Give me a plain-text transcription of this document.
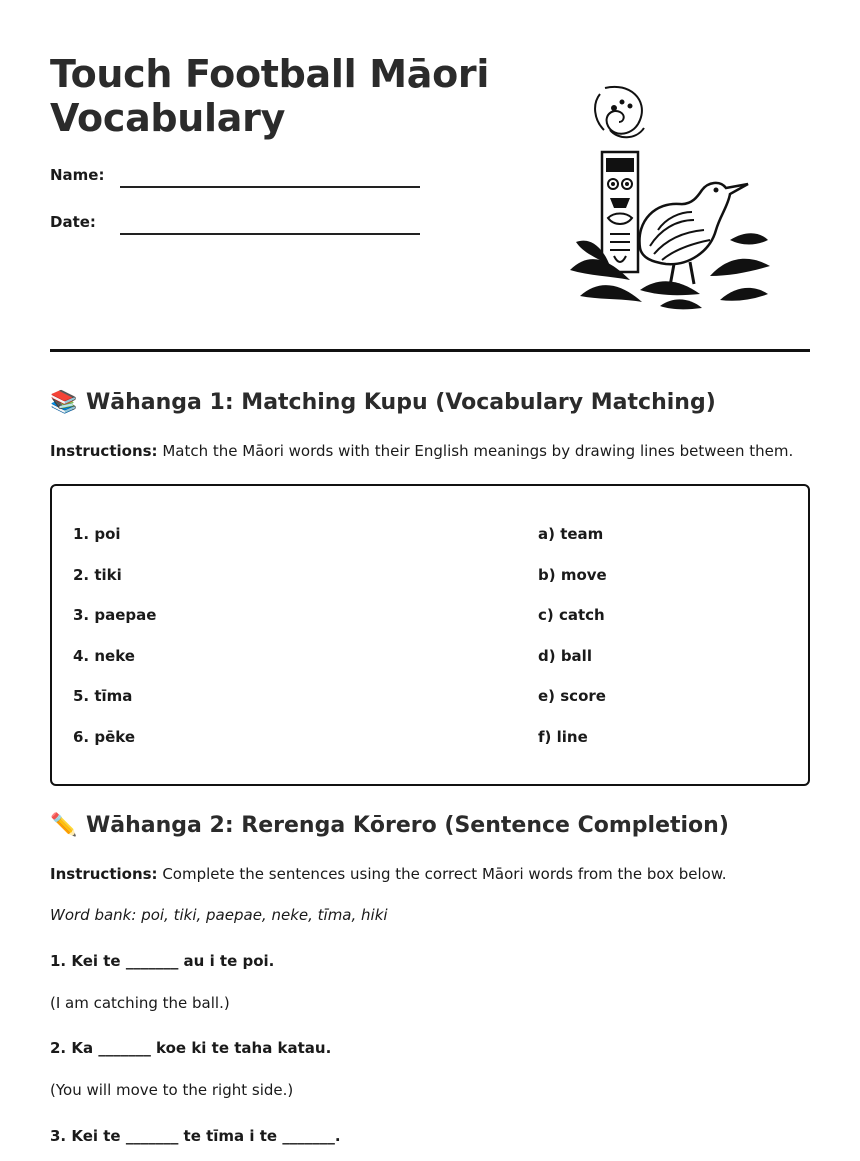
Touch Football Māori
Vocabulary
Name:
Date:
📚 Wāhanga 1: Matching Kupu (Vocabulary Matching)
Instructions: Match the Māori words with their English meanings by drawing lines between them.
1. poi
2. tiki
3. paepae
4. neke
5. tīma
6. pēke
a) team
b) move
c) catch
d) ball
e) score
f) line
✏️ Wāhanga 2: Rerenga Kōrero (Sentence Completion)
Instructions: Complete the sentences using the correct Māori words from the box below.
Word bank: poi, tiki, paepae, neke, tīma, hiki
1. Kei te _______ au i te poi.
(I am catching the ball.)
2. Ka _______ koe ki te taha katau.
(You will move to the right side.)
3. Kei te _______ te tīma i te _______.
